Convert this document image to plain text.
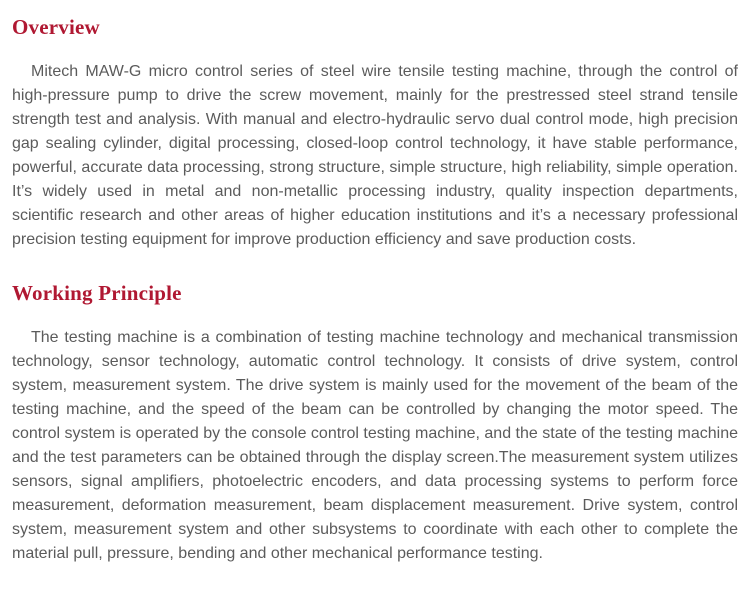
Overview

Mitech MAW-G micro control series of steel wire tensile testing machine, through the control of high-pressure pump to drive the screw movement, mainly for the prestressed steel strand tensile strength test and analysis. With manual and electro-hydraulic servo dual control mode, high precision gap sealing cylinder, digital processing, closed-loop control technology, it have stable performance, powerful, accurate data processing, strong structure, simple structure, high reliability, simple operation. It’s widely used in metal and non-metallic processing industry, quality inspection departments, scientific research and other areas of higher education institutions and it’s a necessary professional precision testing equipment for improve production efficiency and save production costs.

Working Principle

The testing machine is a combination of testing machine technology and mechanical transmission technology, sensor technology, automatic control technology. It consists of drive system, control system, measurement system. The drive system is mainly used for the movement of the beam of the testing machine, and the speed of the beam can be controlled by changing the motor speed. The control system is operated by the console control testing machine, and the state of the testing machine and the test parameters can be obtained through the display screen.The measurement system utilizes sensors, signal amplifiers, photoelectric encoders, and data processing systems to perform force measurement, deformation measurement, beam displacement measurement. Drive system, control system, measurement system and other subsystems to coordinate with each other to complete the material pull, pressure, bending and other mechanical performance testing.
